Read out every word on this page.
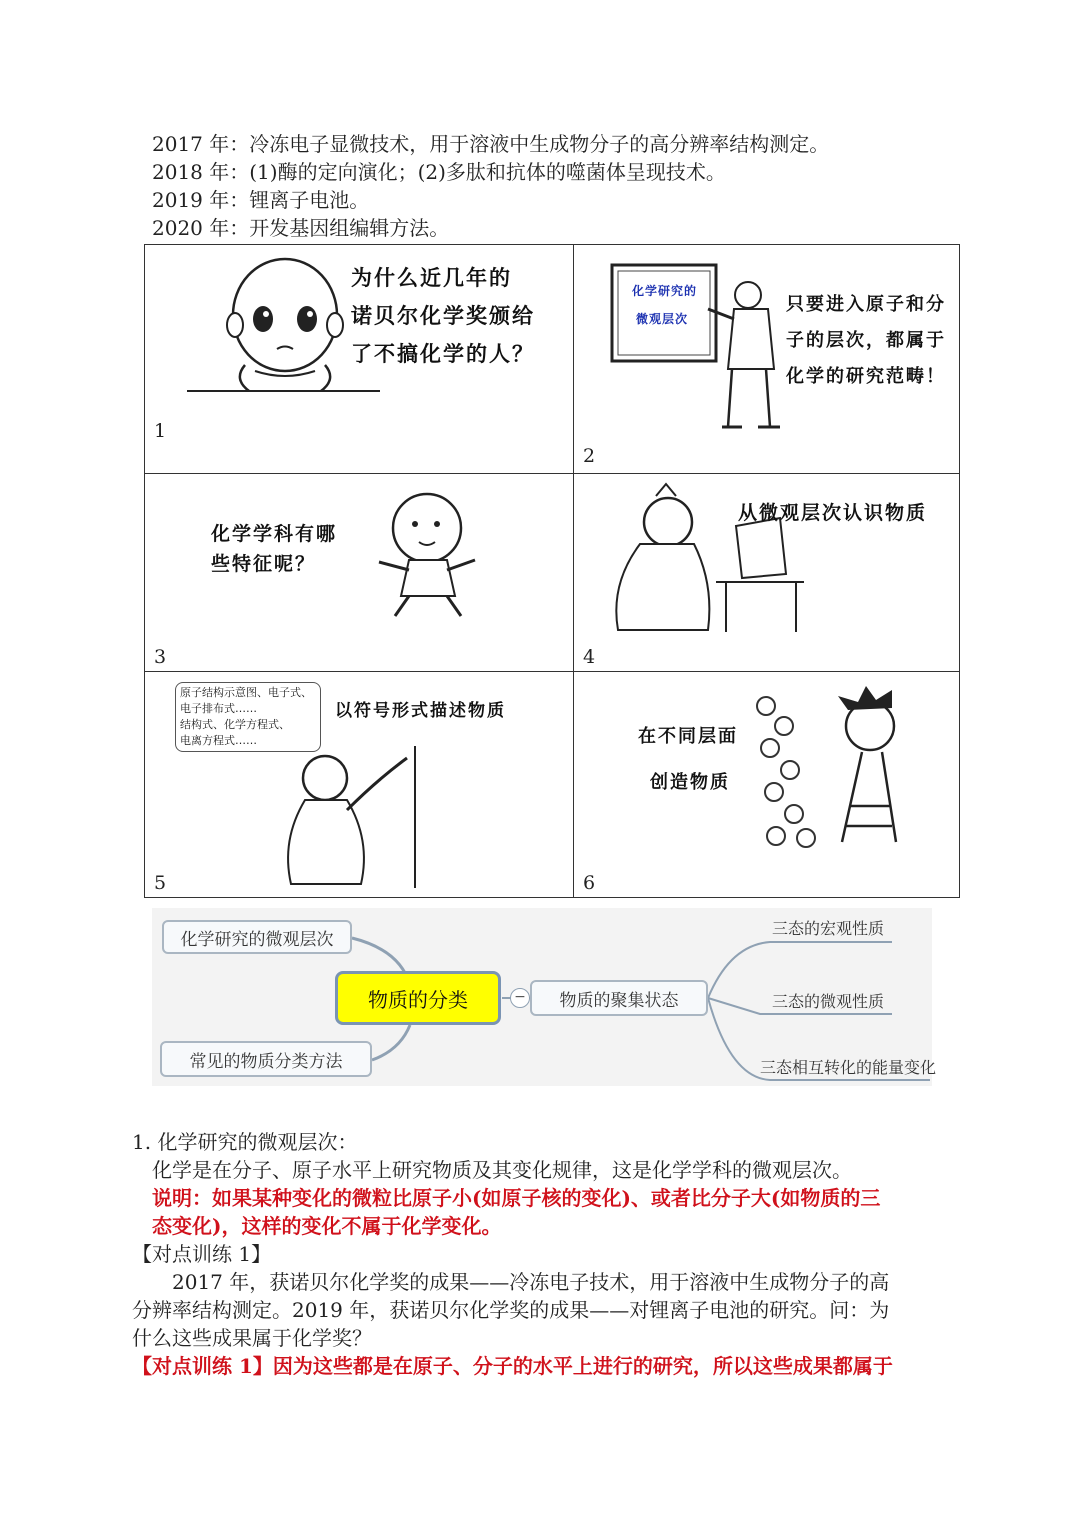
2017 年：冷冻电子显微技术，用于溶液中生成物分子的高分辨率结构测定。
2018 年：(1)酶的定向演化；(2)多肽和抗体的噬菌体呈现技术。
2019 年：锂离子电池。
2020 年：开发基因组编辑方法。
为什么近几年的
诺贝尔化学奖颁给
了不搞化学的人？
1
化学研究的
微观层次
只要进入原子和分
子的层次，都属于
化学的研究范畴！
2
化学学科有哪
些特征呢？
3
从微观层次认识物质
4
原子结构示意图、电子式、
电子排布式……
结构式、化学方程式、
电离方程式……
以符号形式描述物质
5
在不同层面
创造物质
6
化学研究的微观层次
常见的物质分类方法
物质的分类	−	物质的聚集状态
三态的宏观性质
三态的微观性质
三态相互转化的能量变化
1. 化学研究的微观层次：
化学是在分子、原子水平上研究物质及其变化规律，这是化学学科的微观层次。
说明：如果某种变化的微粒比原子小(如原子核的变化)、或者比分子大(如物质的三
态变化)，这样的变化不属于化学变化。
【对点训练 1】
2017 年，获诺贝尔化学奖的成果——冷冻电子技术，用于溶液中生成物分子的高
分辨率结构测定。2019 年，获诺贝尔化学奖的成果——对锂离子电池的研究。问：为
什么这些成果属于化学奖？
【对点训练 1】因为这些都是在原子、分子的水平上进行的研究，所以这些成果都属于
